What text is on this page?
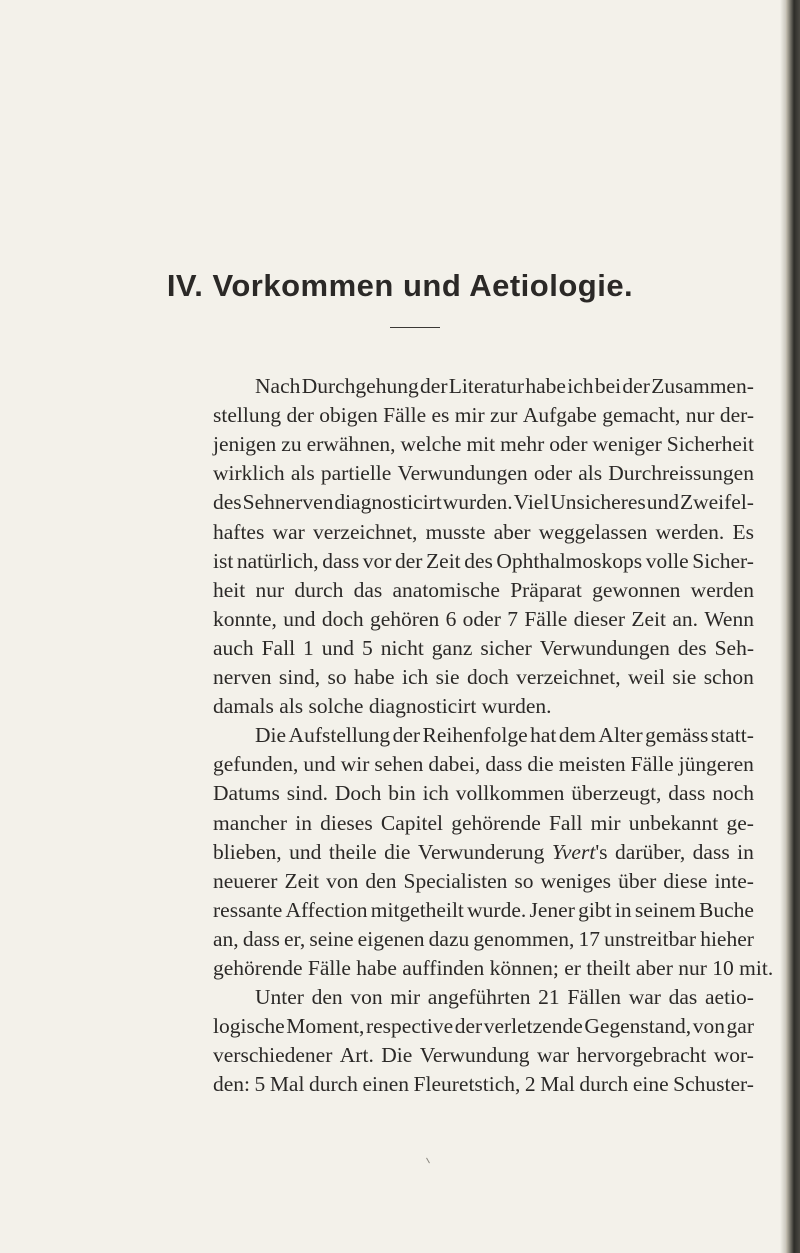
IV. Vorkommen und Aetiologie.
Nach Durchgehung der Literatur habe ich bei der Zusammen-
stellung der obigen Fälle es mir zur Aufgabe gemacht, nur der-
jenigen zu erwähnen, welche mit mehr oder weniger Sicherheit
wirklich als partielle Verwundungen oder als Durchreissungen
des Sehnerven diagnosticirt wurden. Viel Unsicheres und Zweifel-
haftes war verzeichnet, musste aber weggelassen werden. Es
ist natürlich, dass vor der Zeit des Ophthalmoskops volle Sicher-
heit nur durch das anatomische Präparat gewonnen werden
konnte, und doch gehören 6 oder 7 Fälle dieser Zeit an. Wenn
auch Fall 1 und 5 nicht ganz sicher Verwundungen des Seh-
nerven sind, so habe ich sie doch verzeichnet, weil sie schon
damals als solche diagnosticirt wurden.
Die Aufstellung der Reihenfolge hat dem Alter gemäss statt-
gefunden, und wir sehen dabei, dass die meisten Fälle jüngeren
Datums sind. Doch bin ich vollkommen überzeugt, dass noch
mancher in dieses Capitel gehörende Fall mir unbekannt ge-
blieben, und theile die Verwunderung Yvert's darüber, dass in
neuerer Zeit von den Specialisten so weniges über diese inte-
ressante Affection mitgetheilt wurde. Jener gibt in seinem Buche
an, dass er, seine eigenen dazu genommen, 17 unstreitbar hieher
gehörende Fälle habe auffinden können; er theilt aber nur 10 mit.
Unter den von mir angeführten 21 Fällen war das aetio-
logische Moment, respective der verletzende Gegenstand, von gar
verschiedener Art. Die Verwundung war hervorgebracht wor-
den: 5 Mal durch einen Fleuretstich, 2 Mal durch eine Schuster-
